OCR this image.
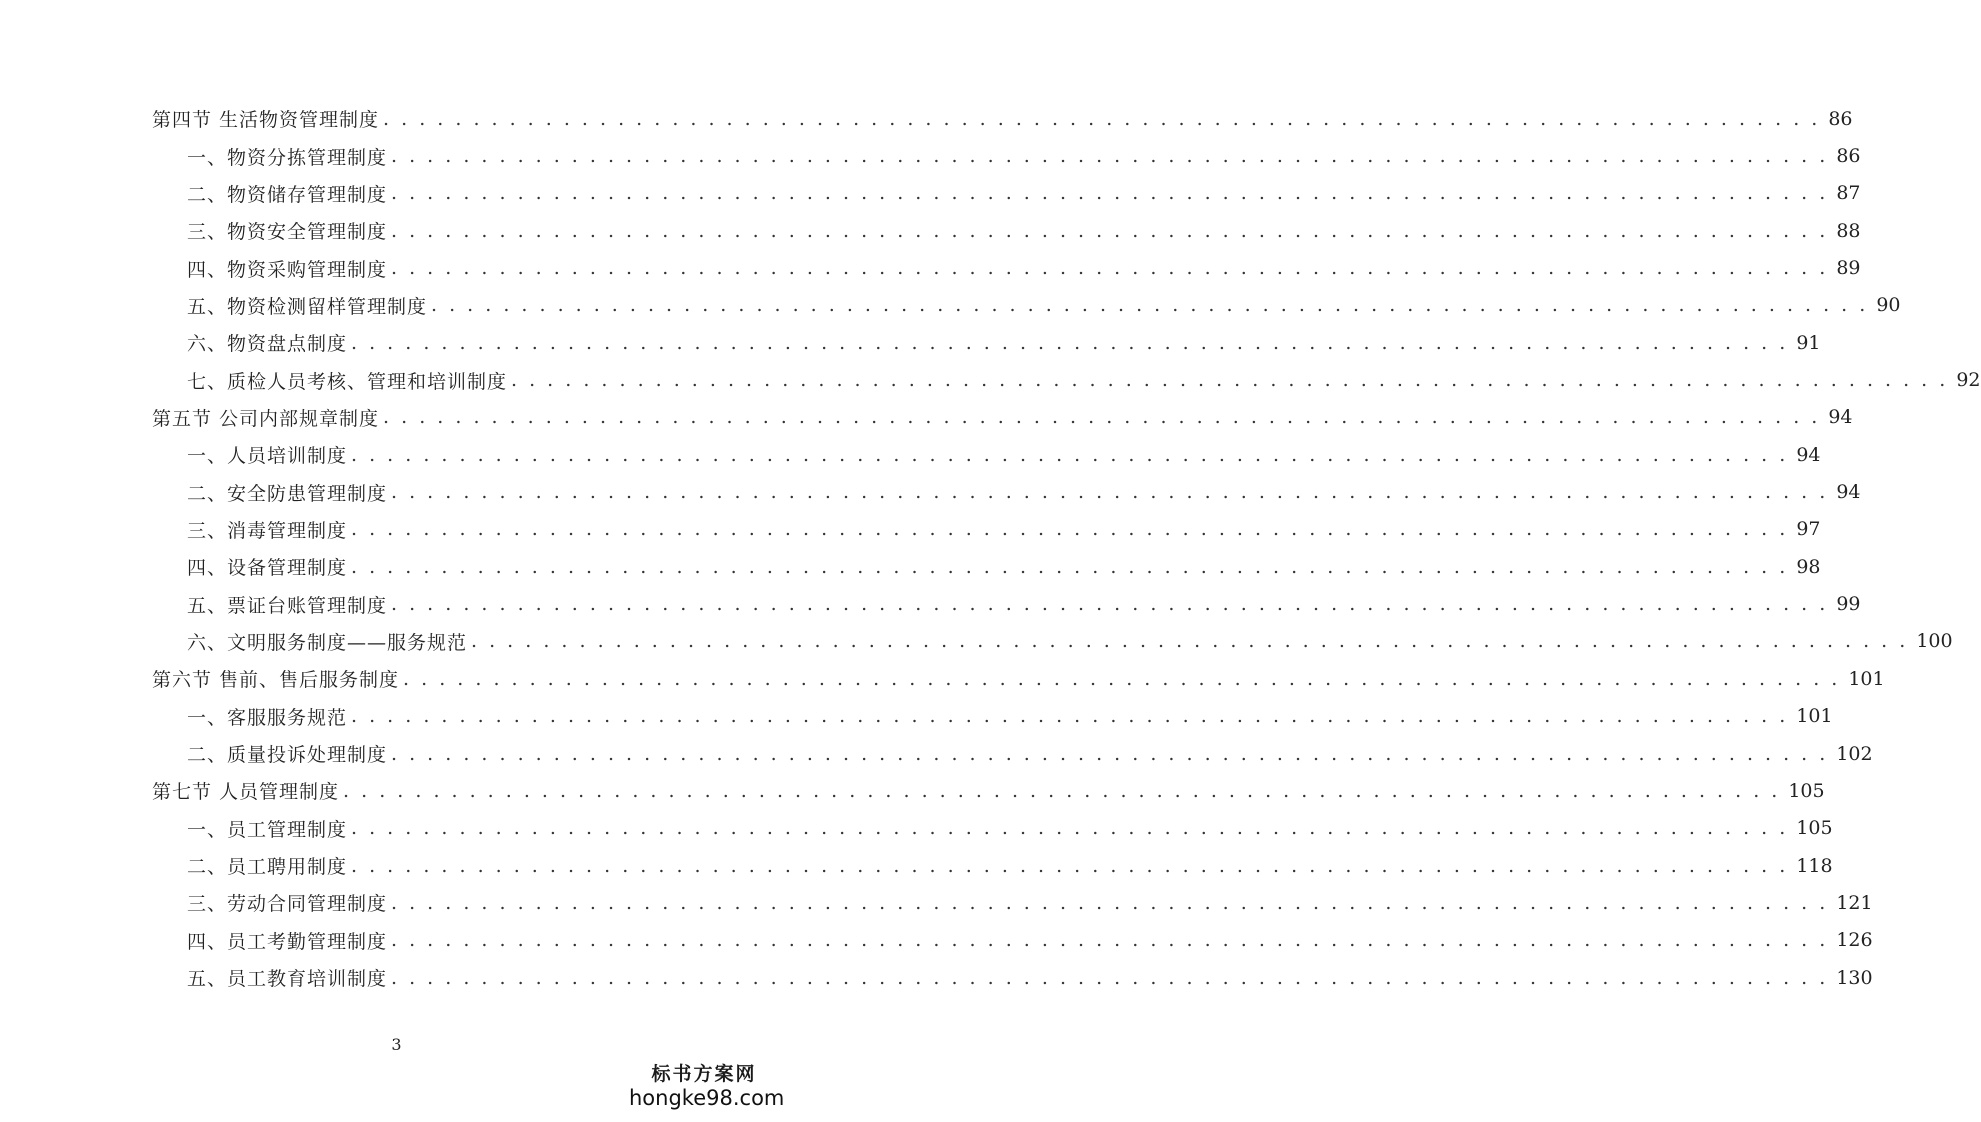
第四节 生活物资管理制度 . . . . . . . . . . . . . . . . . . . . . . . . . . . . . . . . . . . . . . . . . . . . . . . . . . . . . . . . . . . . . . . . . . . . . . . . . . . . . . . . 86
一、物资分拣管理制度 . . . . . . . . . . . . . . . . . . . . . . . . . . . . . . . . . . . . . . . . . . . . . . . . . . . . . . . . . . . . . . . . . . . . . . . . . . . . . . . . 86
二、物资储存管理制度 . . . . . . . . . . . . . . . . . . . . . . . . . . . . . . . . . . . . . . . . . . . . . . . . . . . . . . . . . . . . . . . . . . . . . . . . . . . . . . . . 87
三、物资安全管理制度 . . . . . . . . . . . . . . . . . . . . . . . . . . . . . . . . . . . . . . . . . . . . . . . . . . . . . . . . . . . . . . . . . . . . . . . . . . . . . . . . 88
四、物资采购管理制度 . . . . . . . . . . . . . . . . . . . . . . . . . . . . . . . . . . . . . . . . . . . . . . . . . . . . . . . . . . . . . . . . . . . . . . . . . . . . . . . . 89
五、物资检测留样管理制度 . . . . . . . . . . . . . . . . . . . . . . . . . . . . . . . . . . . . . . . . . . . . . . . . . . . . . . . . . . . . . . . . . . . . . . . . . . . . . . . . 90
六、物资盘点制度 . . . . . . . . . . . . . . . . . . . . . . . . . . . . . . . . . . . . . . . . . . . . . . . . . . . . . . . . . . . . . . . . . . . . . . . . . . . . . . . . 91
七、质检人员考核、管理和培训制度 . . . . . . . . . . . . . . . . . . . . . . . . . . . . . . . . . . . . . . . . . . . . . . . . . . . . . . . . . . . . . . . . . . . . . . . . . . . . . . . . 92
第五节 公司内部规章制度 . . . . . . . . . . . . . . . . . . . . . . . . . . . . . . . . . . . . . . . . . . . . . . . . . . . . . . . . . . . . . . . . . . . . . . . . . . . . . . . . 94
一、人员培训制度 . . . . . . . . . . . . . . . . . . . . . . . . . . . . . . . . . . . . . . . . . . . . . . . . . . . . . . . . . . . . . . . . . . . . . . . . . . . . . . . . 94
二、安全防患管理制度 . . . . . . . . . . . . . . . . . . . . . . . . . . . . . . . . . . . . . . . . . . . . . . . . . . . . . . . . . . . . . . . . . . . . . . . . . . . . . . . . 94
三、消毒管理制度 . . . . . . . . . . . . . . . . . . . . . . . . . . . . . . . . . . . . . . . . . . . . . . . . . . . . . . . . . . . . . . . . . . . . . . . . . . . . . . . . 97
四、设备管理制度 . . . . . . . . . . . . . . . . . . . . . . . . . . . . . . . . . . . . . . . . . . . . . . . . . . . . . . . . . . . . . . . . . . . . . . . . . . . . . . . . 98
五、票证台账管理制度 . . . . . . . . . . . . . . . . . . . . . . . . . . . . . . . . . . . . . . . . . . . . . . . . . . . . . . . . . . . . . . . . . . . . . . . . . . . . . . . . 99
六、文明服务制度——服务规范 . . . . . . . . . . . . . . . . . . . . . . . . . . . . . . . . . . . . . . . . . . . . . . . . . . . . . . . . . . . . . . . . . . . . . . . . . . . . . . . . 100
第六节 售前、售后服务制度 . . . . . . . . . . . . . . . . . . . . . . . . . . . . . . . . . . . . . . . . . . . . . . . . . . . . . . . . . . . . . . . . . . . . . . . . . . . . . . . . 101
一、客服服务规范 . . . . . . . . . . . . . . . . . . . . . . . . . . . . . . . . . . . . . . . . . . . . . . . . . . . . . . . . . . . . . . . . . . . . . . . . . . . . . . . . 101
二、质量投诉处理制度 . . . . . . . . . . . . . . . . . . . . . . . . . . . . . . . . . . . . . . . . . . . . . . . . . . . . . . . . . . . . . . . . . . . . . . . . . . . . . . . . 102
第七节 人员管理制度 . . . . . . . . . . . . . . . . . . . . . . . . . . . . . . . . . . . . . . . . . . . . . . . . . . . . . . . . . . . . . . . . . . . . . . . . . . . . . . . . 105
一、员工管理制度 . . . . . . . . . . . . . . . . . . . . . . . . . . . . . . . . . . . . . . . . . . . . . . . . . . . . . . . . . . . . . . . . . . . . . . . . . . . . . . . . 105
二、员工聘用制度 . . . . . . . . . . . . . . . . . . . . . . . . . . . . . . . . . . . . . . . . . . . . . . . . . . . . . . . . . . . . . . . . . . . . . . . . . . . . . . . . 118
三、劳动合同管理制度 . . . . . . . . . . . . . . . . . . . . . . . . . . . . . . . . . . . . . . . . . . . . . . . . . . . . . . . . . . . . . . . . . . . . . . . . . . . . . . . . 121
四、员工考勤管理制度 . . . . . . . . . . . . . . . . . . . . . . . . . . . . . . . . . . . . . . . . . . . . . . . . . . . . . . . . . . . . . . . . . . . . . . . . . . . . . . . . 126
五、员工教育培训制度 . . . . . . . . . . . . . . . . . . . . . . . . . . . . . . . . . . . . . . . . . . . . . . . . . . . . . . . . . . . . . . . . . . . . . . . . . . . . . . . . 130
3
标书方案网
hongke98.com
